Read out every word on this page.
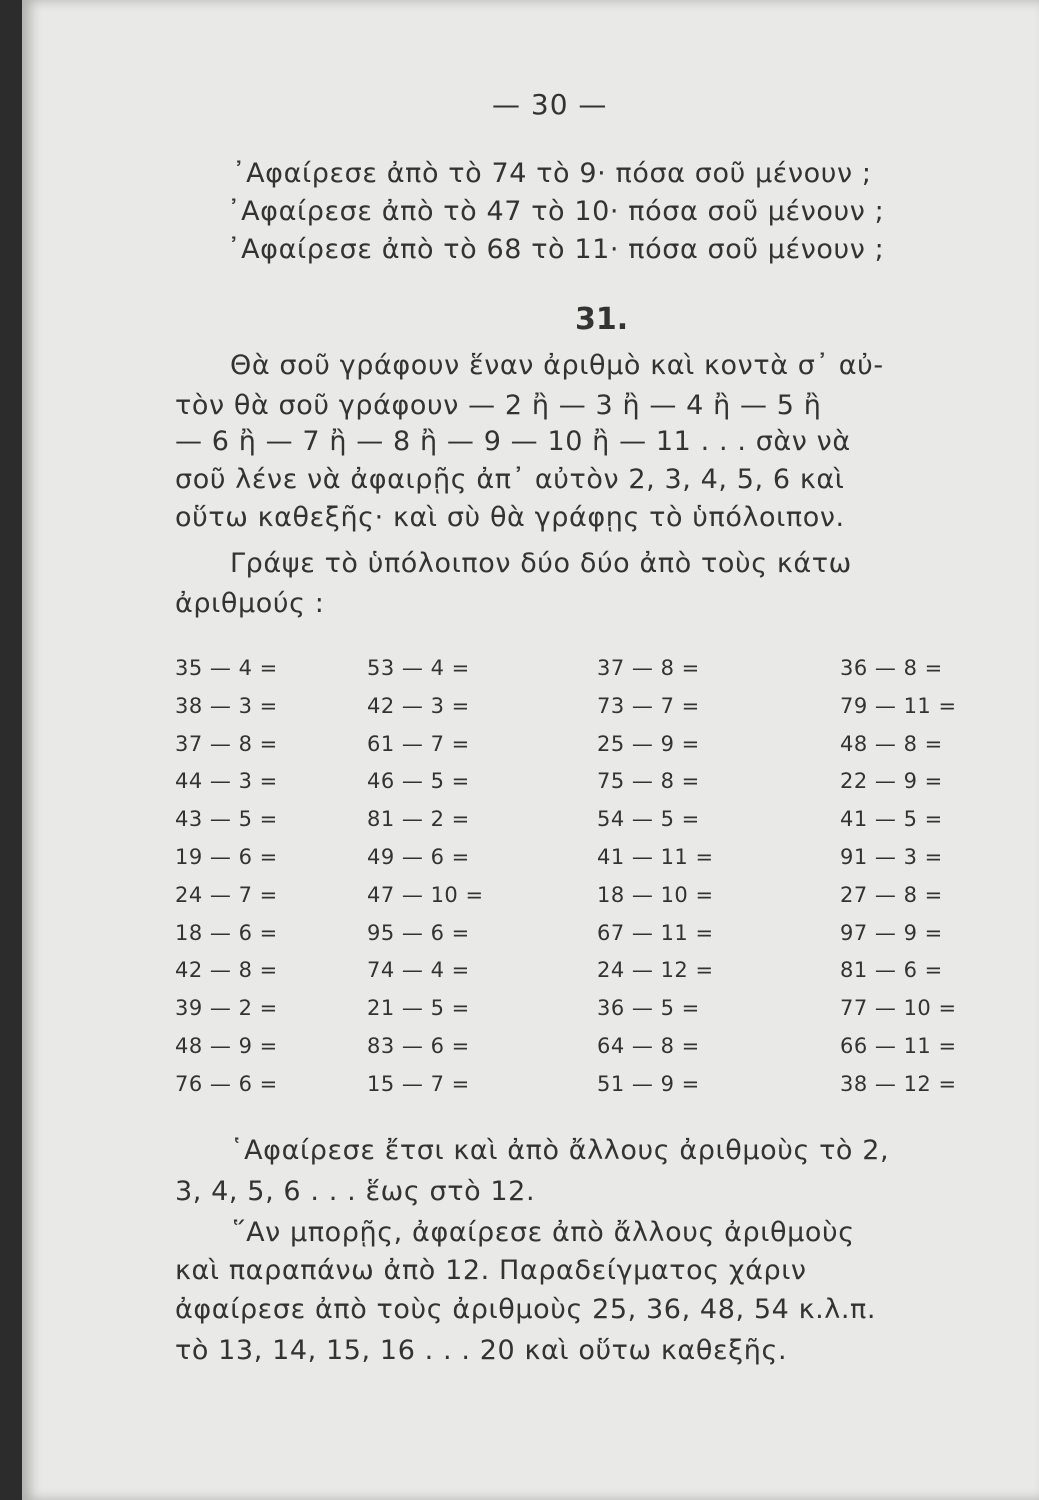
— 30 —
᾿Αφαίρεσε ἀπὸ τὸ 74 τὸ 9· πόσα σοῦ μένουν ;
᾿Αφαίρεσε ἀπὸ τὸ 47 τὸ 10· πόσα σοῦ μένουν ;
᾿Αφαίρεσε ἀπὸ τὸ 68 τὸ 11· πόσα σοῦ μένουν ;
31.
Θὰ σοῦ γράφουν ἕναν ἀριθμὸ καὶ κοντὰ σ᾿ αὐ-
τὸν θὰ σοῦ γράφουν — 2 ἢ — 3 ἢ — 4 ἢ — 5 ἢ
— 6 ἢ — 7 ἢ — 8 ἢ — 9 — 10 ἢ — 11 . . . σὰν νὰ
σοῦ λένε νὰ ἀφαιρῇς ἀπ᾿ αὐτὸν 2, 3, 4, 5, 6 καὶ
οὕτω καθεξῆς· καὶ σὺ θὰ γράφῃς τὸ ὑπόλοιπον.
Γράψε τὸ ὑπόλοιπον δύο δύο ἀπὸ τοὺς κάτω
ἀριθμούς :
35 — 4 =
38 — 3 =
37 — 8 =
44 — 3 =
43 — 5 =
19 — 6 =
24 — 7 =
18 — 6 =
42 — 8 =
39 — 2 =
48 — 9 =
76 — 6 =
53 — 4 =
42 — 3 =
61 — 7 =
46 — 5 =
81 — 2 =
49 — 6 =
47 — 10 =
95 — 6 =
74 — 4 =
21 — 5 =
83 — 6 =
15 — 7 =
37 — 8 =
73 — 7 =
25 — 9 =
75 — 8 =
54 — 5 =
41 — 11 =
18 — 10 =
67 — 11 =
24 — 12 =
36 — 5 =
64 — 8 =
51 — 9 =
36 — 8 =
79 — 11 =
48 — 8 =
22 — 9 =
41 — 5 =
91 — 3 =
27 — 8 =
97 — 9 =
81 — 6 =
77 — 10 =
66 — 11 =
38 — 12 =
῾Αφαίρεσε ἔτσι καὶ ἀπὸ ἄλλους ἀριθμοὺς τὸ 2,
3, 4, 5, 6 . . . ἕως στὸ 12.
῞Αν μπορῇς, ἀφαίρεσε ἀπὸ ἄλλους ἀριθμοὺς
καὶ παραπάνω ἀπὸ 12. Παραδείγματος χάριν
ἀφαίρεσε ἀπὸ τοὺς ἀριθμοὺς 25, 36, 48, 54 κ.λ.π.
τὸ 13, 14, 15, 16 . . . 20 καὶ οὕτω καθεξῆς.
